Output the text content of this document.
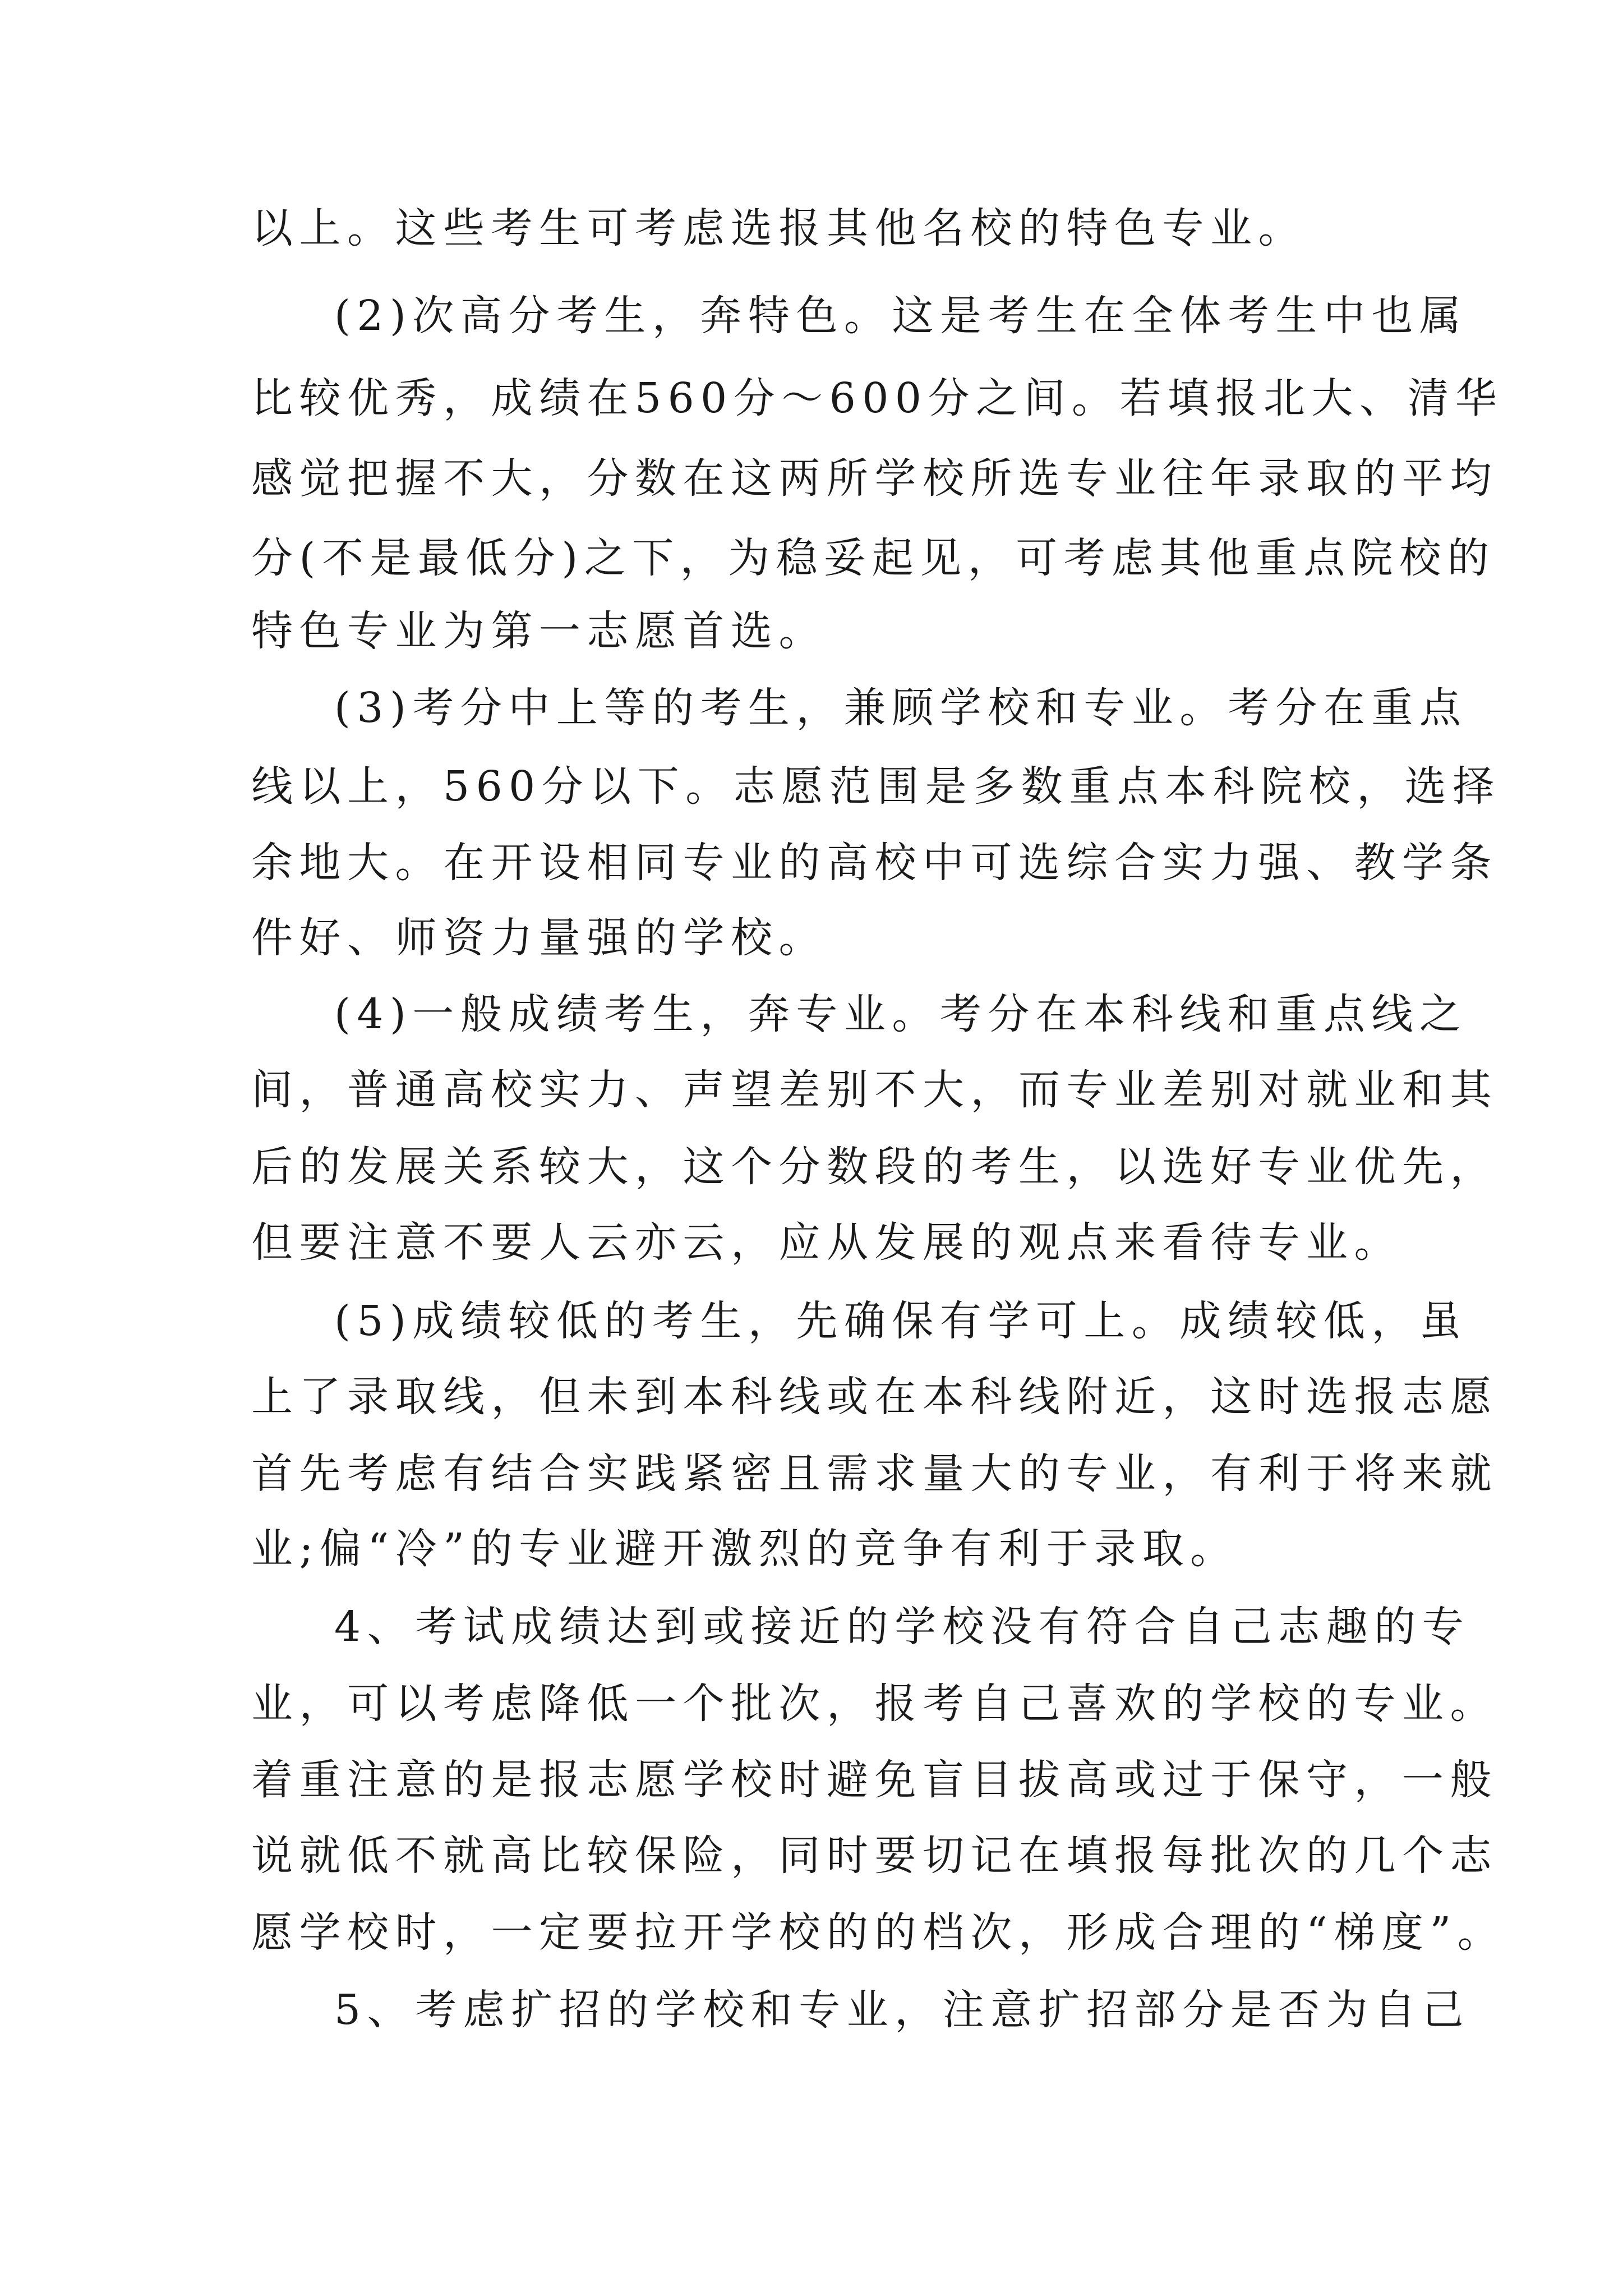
以上。这些考生可考虑选报其他名校的特色专业。

(2)次高分考生，奔特色。这是考生在全体考生中也属

比较优秀，成绩在560分～600分之间。若填报北大、清华

感觉把握不大，分数在这两所学校所选专业往年录取的平均

分(不是最低分)之下，为稳妥起见，可考虑其他重点院校的

特色专业为第一志愿首选。

(3)考分中上等的考生，兼顾学校和专业。考分在重点

线以上，560分以下。志愿范围是多数重点本科院校，选择

余地大。在开设相同专业的高校中可选综合实力强、教学条

件好、师资力量强的学校。

(4)一般成绩考生，奔专业。考分在本科线和重点线之

间，普通高校实力、声望差别不大，而专业差别对就业和其

后的发展关系较大，这个分数段的考生，以选好专业优先，

但要注意不要人云亦云，应从发展的观点来看待专业。

(5)成绩较低的考生，先确保有学可上。成绩较低，虽

上了录取线，但未到本科线或在本科线附近，这时选报志愿

首先考虑有结合实践紧密且需求量大的专业，有利于将来就

业;偏“冷”的专业避开激烈的竞争有利于录取。

4、考试成绩达到或接近的学校没有符合自己志趣的专

业，可以考虑降低一个批次，报考自己喜欢的学校的专业。

着重注意的是报志愿学校时避免盲目拔高或过于保守，一般

说就低不就高比较保险，同时要切记在填报每批次的几个志

愿学校时，一定要拉开学校的的档次，形成合理的“梯度”。

5、考虑扩招的学校和专业，注意扩招部分是否为自己
